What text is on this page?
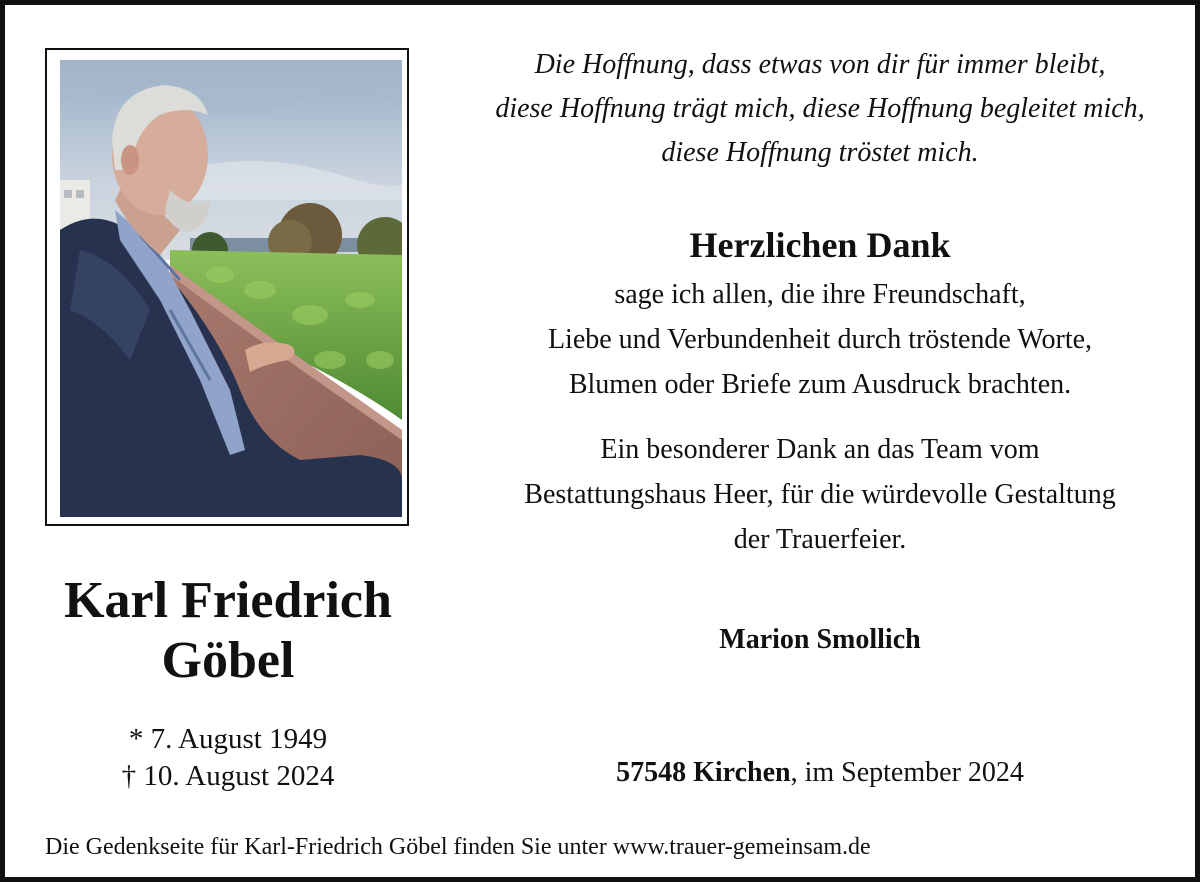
Karl Friedrich
Göbel
* 7. August 1949
† 10. August 2024
Die Hoffnung, dass etwas von dir für immer bleibt,
diese Hoffnung trägt mich, diese Hoffnung begleitet mich,
diese Hoffnung tröstet mich.
Herzlichen Dank
sage ich allen, die ihre Freundschaft,
Liebe und Verbundenheit durch tröstende Worte,
Blumen oder Briefe zum Ausdruck brachten.
Ein besonderer Dank an das Team vom
Bestattungshaus Heer, für die würdevolle Gestaltung
der Trauerfeier.
Marion Smollich
57548 Kirchen, im September 2024
Die Gedenkseite für Karl-Friedrich Göbel finden Sie unter www.trauer-gemeinsam.de
